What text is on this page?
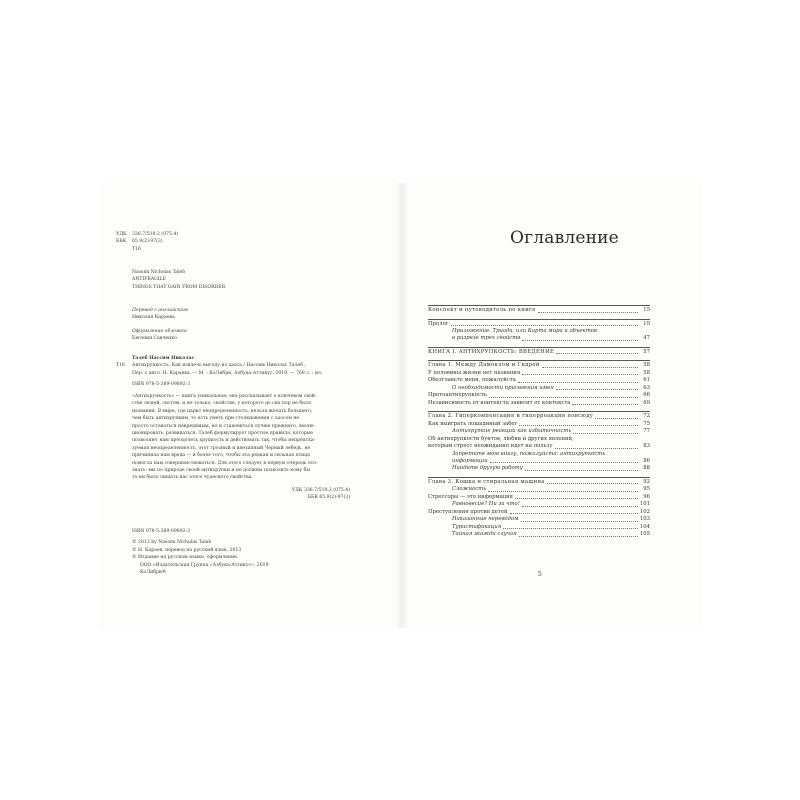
УДК 336.7/519.2 (075.4)
ББК 65.9(2)-97(3)
Т16
Nassim Nicholas Taleb
ANTIFRAGILE
THINGS THAT GAIN FROM DISORDER
Перевод с английского
Николая Караева
Оформление обложки
Евгения Савченко
Талеб Нассим Николас
Т16	Антихрупкость. Как извлечь выгоду из хаоса / Нассим Николас Талеб ;
Пер. с англ. Н. Караева. — М. : КоЛибри, Азбука-Аттикус, 2019. — 768 с. : ил.
ISBN 978-5-389-09892-3
«Антихрупкость» — книга уникальная: она рассказывает о ключевом свой-
стве людей, систем, и не только, свойстве, у которого до сих пор не было
названия. В мире, где царит неопределенность, нельзя желать большего,
чем быть антихрупким, то есть уметь при столкновении с хаосом не
просто оставаться невредимым, но и становиться лучше прежнего, эволю-
ционировать, развиваться. Талеб формулирует простые правила, которые
позволяют нам преодолеть хрупкость и действовать так, чтобы непредска-
зуемая неопределенность, этот грозный и внезапный Черный лебедь, не
причинила нам вреда — и более того, чтобы эта редкая и сильная птица
помогла нам совершенствоваться. Для этого следует в первую очередь осо-
знать: мы по природе своей антихрупки и не должны позволить кому бы
то ни было лишать нас этого чудесного свойства.
УДК 336.7/519.2 (075.4)
ББК 65.9(2)-97(3)
ISBN 978-5-389-09892-3
© 2012 by Nassim Nicholas Taleb
© Н. Караев, перевод на русский язык, 2013
© Издание на русском языке, оформление.
ООО «Издательская Группа «Азбука-Аттикус», 2019
КоЛибри®
Оглавление
Конспект и путеводитель по книге	15
Пролог	19
Приложение. Триада, или Карта мира и объектов
в разрезе трех свойств	47
КНИГА I. АНТИХРУПКОСТЬ: ВВЕДЕНИЕ	57
Глава 1. Между Дамоклом и Гидрой	58
У половины жизни нет названия	58
Обезглавьте меня, пожалуйста	61
О необходимости присвоения имен	63
Протоантихрупкость	66
Независимость от контекста зависит от контекста	69
Глава 2. Гиперкомпенсация и гиперреакция повсюду	72
Как выиграть лошадиный забег	75
Антихрупкие реакции как избыточность	77
Об антихрупкости бунтов, любви и других явлений,
которым стресс неожиданно идет на пользу	83
Запретите мою книгу, пожалуйста: антихрупкость
информации	86
Найдите другую работу	88
Глава 3. Кошка и стиральная машина	92
Сложность	95
Стрессоры — это информация	96
Равновесие? Ни за что!	101
Преступления против детей	102
Наказанные переводом	103
Туристификация	104
Тайная жажда случая	105
5
